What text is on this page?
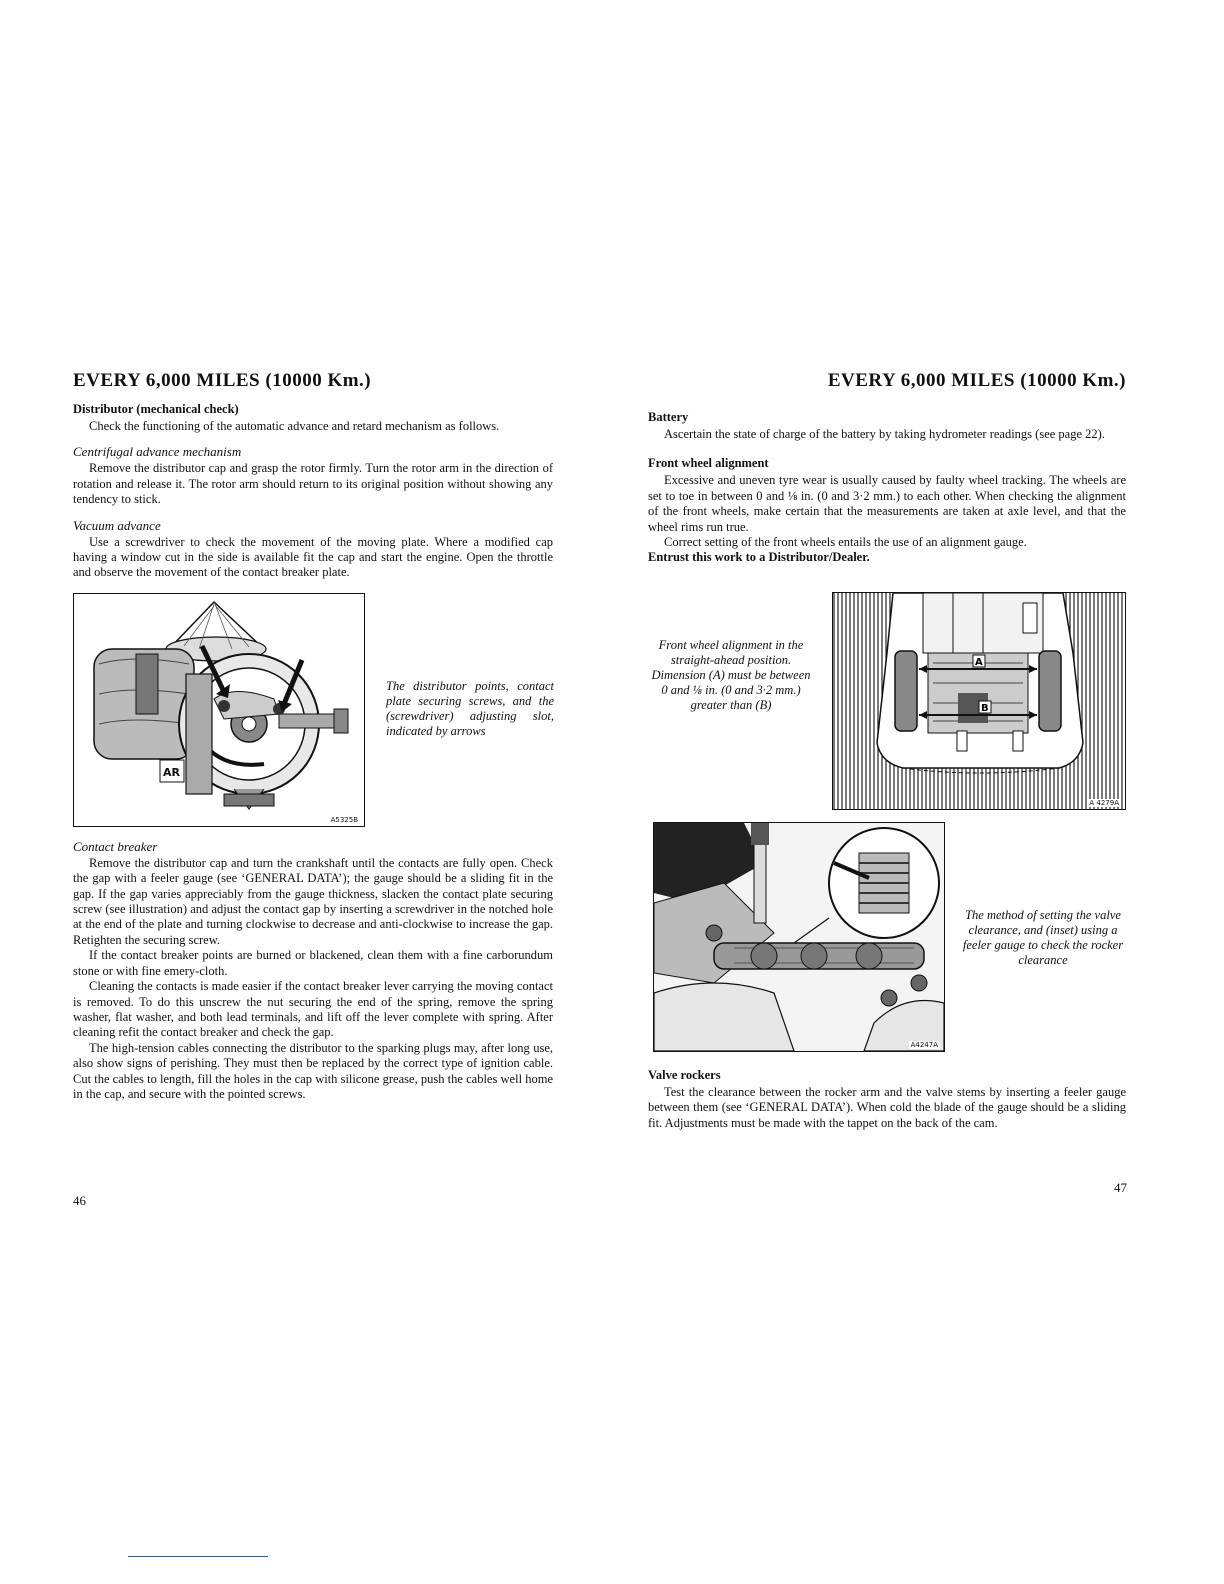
EVERY 6,000 MILES (10000 Km.)
Distributor (mechanical check)

Check the functioning of the automatic advance and retard mechanism as follows.

Centrifugal advance mechanism

Remove the distributor cap and grasp the rotor firmly. Turn the rotor arm in the direction of rotation and release it. The rotor arm should return to its original position without showing any tendency to stick.

Vacuum advance

Use a screwdriver to check the movement of the moving plate. Where a modified cap having a window cut in the side is available fit the cap and start the engine. Open the throttle and observe the movement of the contact breaker plate.

AR
A5325B
The distributor points, contact plate securing screws, and the (screwdriver) adjusting slot, indicated by arrows
Contact breaker

Remove the distributor cap and turn the crankshaft until the contacts are fully open. Check the gap with a feeler gauge (see ‘GENERAL DATA’); the gauge should be a sliding fit in the gap. If the gap varies appreciably from the gauge thickness, slacken the contact plate securing screw (see illustration) and adjust the contact gap by inserting a screwdriver in the notched hole at the end of the plate and turning clockwise to decrease and anti-clockwise to increase the gap. Retighten the securing screw.

If the contact breaker points are burned or blackened, clean them with a fine carborundum stone or with fine emery-cloth.

Cleaning the contacts is made easier if the contact breaker lever carrying the moving contact is removed. To do this unscrew the nut securing the end of the spring, remove the spring washer, flat washer, and both lead terminals, and lift off the lever complete with spring. After cleaning refit the contact breaker and check the gap.

The high-tension cables connecting the distributor to the sparking plugs may, after long use, also show signs of perishing. They must then be replaced by the correct type of ignition cable. Cut the cables to length, fill the holes in the cap with silicone grease, push the cables well home in the cap, and secure with the pointed screws.

46
EVERY 6,000 MILES (10000 Km.)
Battery

Ascertain the state of charge of the battery by taking hydrometer readings (see page 22).

Front wheel alignment

Excessive and uneven tyre wear is usually caused by faulty wheel tracking. The wheels are set to toe in between 0 and ⅛ in. (0 and 3·2 mm.) to each other. When checking the alignment of the front wheels, make certain that the measurements are taken at axle level, and that the wheel rims run true.

Correct setting of the front wheels entails the use of an alignment gauge.

Entrust this work to a Distributor/Dealer.

Front wheel alignment in the straight-ahead position. Dimension (A) must be between 0 and ⅛ in. (0 and 3·2 mm.) greater than (B)
A
B
A 4279A
A4247A
The method of setting the valve clearance, and (inset) using a feeler gauge to check the rocker clearance
Valve rockers

Test the clearance between the rocker arm and the valve stems by inserting a feeler gauge between them (see ‘GENERAL DATA’). When cold the blade of the gauge should be a sliding fit. Adjustments must be made with the tappet on the back of the cam.

47
